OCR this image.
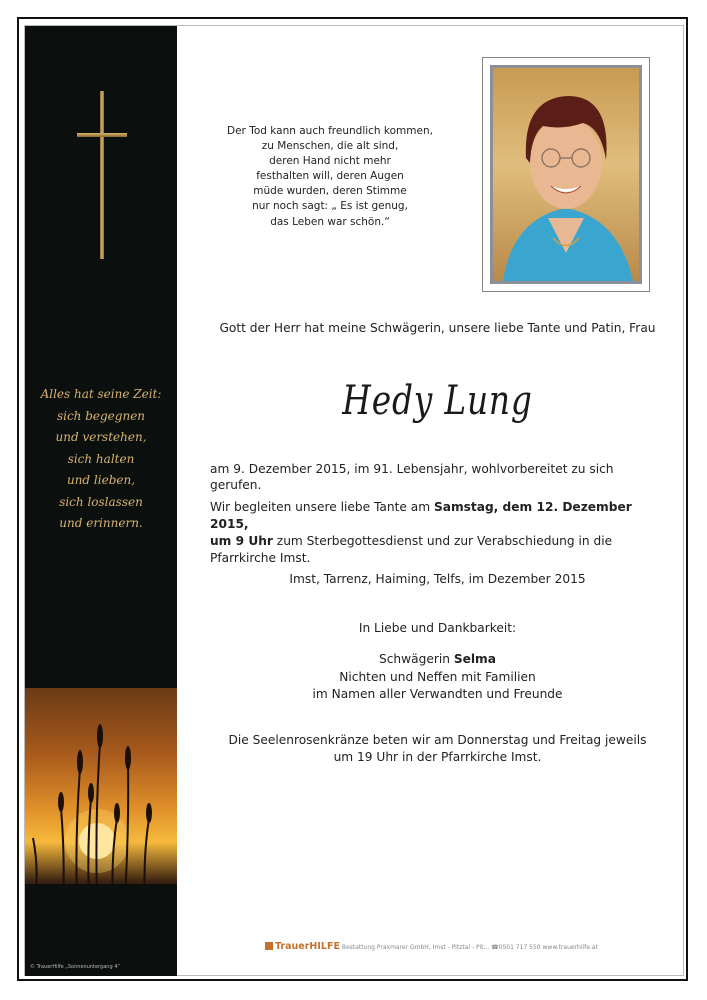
Alles hat seine Zeit:
sich begegnen
und verstehen,
sich halten
und lieben,
sich loslassen
und erinnern.
© TrauerHilfe „Sonnenuntergang 4“
Der Tod kann auch freundlich kommen,
zu Menschen, die alt sind,
deren Hand nicht mehr
festhalten will, deren Augen
müde wurden, deren Stimme
nur noch sagt: „ Es ist genug,
das Leben war schön.“
Gott der Herr hat meine Schwägerin, unsere liebe Tante und Patin, Frau
Hedy Lung
am 9. Dezember 2015, im 91. Lebensjahr, wohlvorbereitet zu sich gerufen.
Wir begleiten unsere liebe Tante am Samstag, dem 12. Dezember 2015,
um 9 Uhr zum Sterbegottesdienst und zur Verabschiedung in die Pfarrkirche Imst.
Imst, Tarrenz, Haiming, Telfs, im Dezember 2015
In Liebe und Dankbarkeit:
Schwägerin Selma
Nichten und Neffen mit Familien
im Namen aller Verwandten und Freunde
Die Seelenrosenkränze beten wir am Donnerstag und Freitag jeweils
um 19 Uhr in der Pfarrkirche Imst.
TrauerHILFE Bestattung Praxmarer GmbH, Imst - Pitztal - Pit... ☎0501 717 550 www.trauerhilfe.at
